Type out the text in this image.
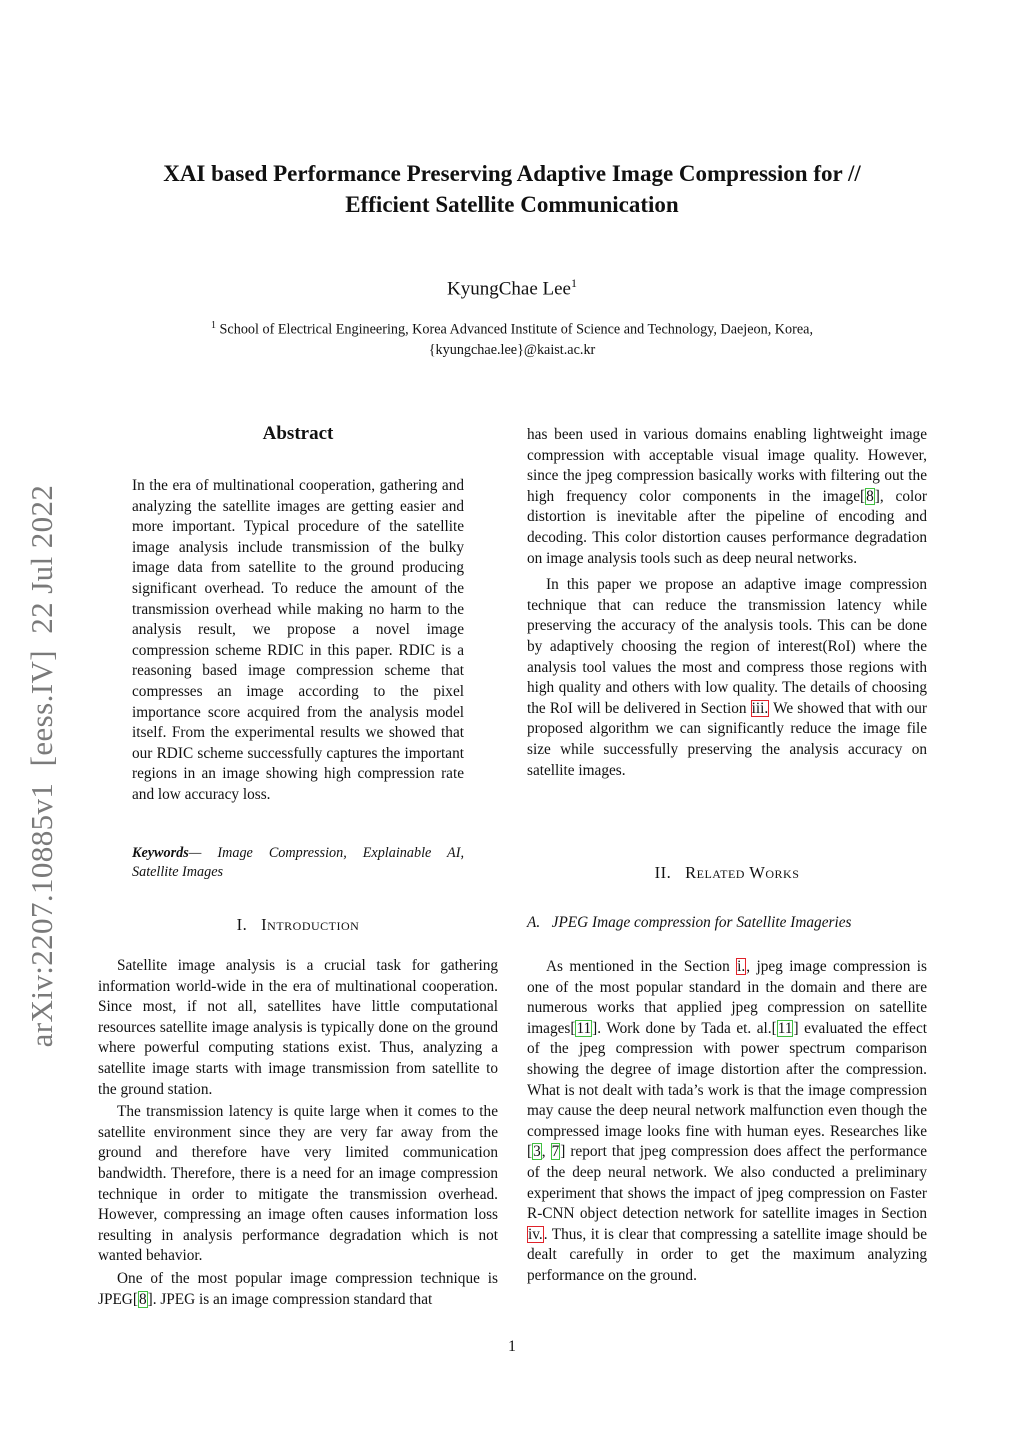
XAI based Performance Preserving Adaptive Image Compression for //
Efficient Satellite Communication
KyungChae Lee$^1$
$^1$ School of Electrical Engineering, Korea Advanced Institute of Science and Technology, Daejeon, Korea,
{kyungchae.lee}@kaist.ac.kr
arXiv:2207.10885v1  [eess.IV]  22 Jul 2022
Abstract

In the era of multinational cooperation, gathering and analyzing the satellite images are getting easier and more important. Typical procedure of the satellite image analysis include transmission of the bulky image data from satellite to the ground producing significant overhead. To reduce the amount of the transmission overhead while making no harm to the analysis result, we propose a novel image compression scheme RDIC in this paper. RDIC is a reasoning based image compression scheme that compresses an image according to the pixel importance score acquired from the analysis model itself. From the experimental results we showed that our RDIC scheme successfully captures the important regions in an image showing high compression rate and low accuracy loss.

Keywords— Image Compression, Explainable AI, Satellite Images

I. Introduction

Satellite image analysis is a crucial task for gathering information world-wide in the era of multinational cooperation. Since most, if not all, satellites have little computational resources satellite image analysis is typically done on the ground where powerful computing stations exist. Thus, analyzing a satellite image starts with image transmission from satellite to the ground station.

The transmission latency is quite large when it comes to the satellite environment since they are very far away from the ground and therefore have very limited communication bandwidth. Therefore, there is a need for an image compression technique in order to mitigate the transmission overhead. However, compressing an image often causes information loss resulting in analysis performance degradation which is not wanted behavior.

One of the most popular image compression technique is JPEG[8]. JPEG is an image compression standard that

has been used in various domains enabling lightweight image compression with acceptable visual image quality. However, since the jpeg compression basically works with filtering out the high frequency color components in the image[8], color distortion is inevitable after the pipeline of encoding and decoding. This color distortion causes performance degradation on image analysis tools such as deep neural networks.

In this paper we propose an adaptive image compression technique that can reduce the transmission latency while preserving the accuracy of the analysis tools. This can be done by adaptively choosing the region of interest(RoI) where the analysis tool values the most and compress those regions with high quality and others with low quality. The details of choosing the RoI will be delivered in Section iii. We showed that with our proposed algorithm we can significantly reduce the image file size while successfully preserving the analysis accuracy on satellite images.

II. Related Works
A. JPEG Image compression for Satellite Imageries

As mentioned in the Section i., jpeg image compression is one of the most popular standard in the domain and there are numerous works that applied jpeg compression on satellite images[11]. Work done by Tada et. al.[11] evaluated the effect of the jpeg compression with power spectrum comparison showing the degree of image distortion after the compression. What is not dealt with tada’s work is that the image compression may cause the deep neural network malfunction even though the compressed image looks fine with human eyes. Researches like [3, 7] report that jpeg compression does affect the performance of the deep neural network. We also conducted a preliminary experiment that shows the impact of jpeg compression on Faster R-CNN object detection network for satellite images in Section iv.. Thus, it is clear that compressing a satellite image should be dealt carefully in order to get the maximum analyzing performance on the ground.

1
